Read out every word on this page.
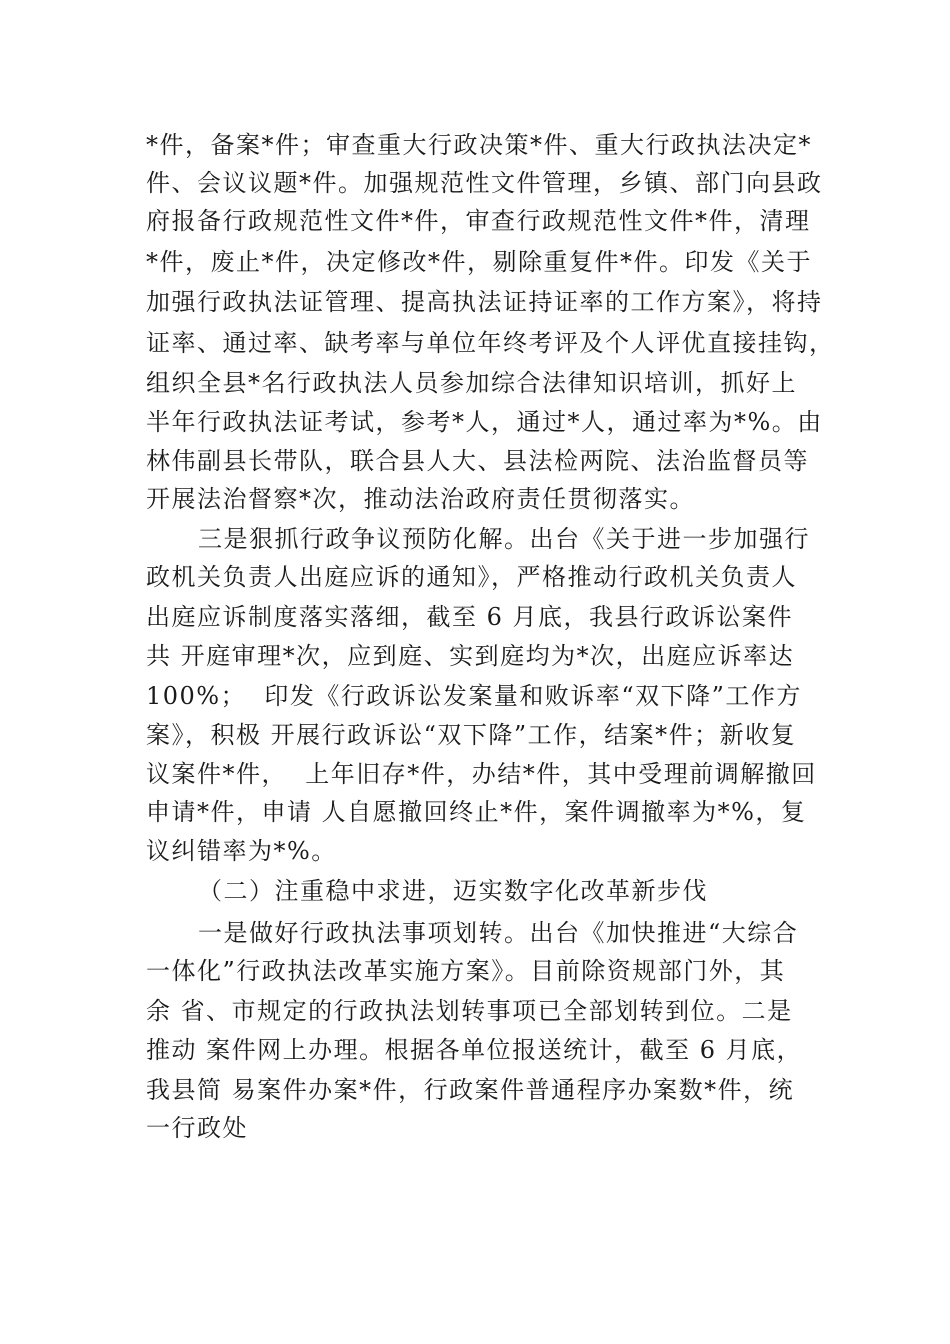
*件，备案*件；审查重大行政决策*件、重大行政执法决定*
件、会议议题*件。加强规范性文件管理，乡镇、部门向县政
府报备行政规范性文件*件，审查行政规范性文件*件，清理
*件，废止*件，决定修改*件，剔除重复件*件。印发《关于
加强行政执法证管理、提高执法证持证率的工作方案》，将持
证率、通过率、缺考率与单位年终考评及个人评优直接挂钩，
组织全县*名行政执法人员参加综合法律知识培训，抓好上
半年行政执法证考试，参考*人，通过*人，通过率为*%。由
林伟副县长带队，联合县人大、县法检两院、法治监督员等
开展法治督察*次，推动法治政府责任贯彻落实。
三是狠抓行政争议预防化解。出台《关于进一步加强行
政机关负责人出庭应诉的通知》，严格推动行政机关负责人
出庭应诉制度落实落细，截至 6 月底，我县行政诉讼案件
共 开庭审理*次，应到庭、实到庭均为*次，出庭应诉率达
100%；  印发《行政诉讼发案量和败诉率“双下降”工作方
案》，积极 开展行政诉讼“双下降”工作，结案*件；新收复
议案件*件，  上年旧存*件，办结*件，其中受理前调解撤回
申请*件，申请 人自愿撤回终止*件，案件调撤率为*%，复
议纠错率为*%。
（二）注重稳中求进，迈实数字化改革新步伐
一是做好行政执法事项划转。出台《加快推进“大综合
一体化”行政执法改革实施方案》。目前除资规部门外，其
余 省、市规定的行政执法划转事项已全部划转到位。二是
推动 案件网上办理。根据各单位报送统计，截至 6 月底，
我县简 易案件办案*件，行政案件普通程序办案数*件，统
一行政处
